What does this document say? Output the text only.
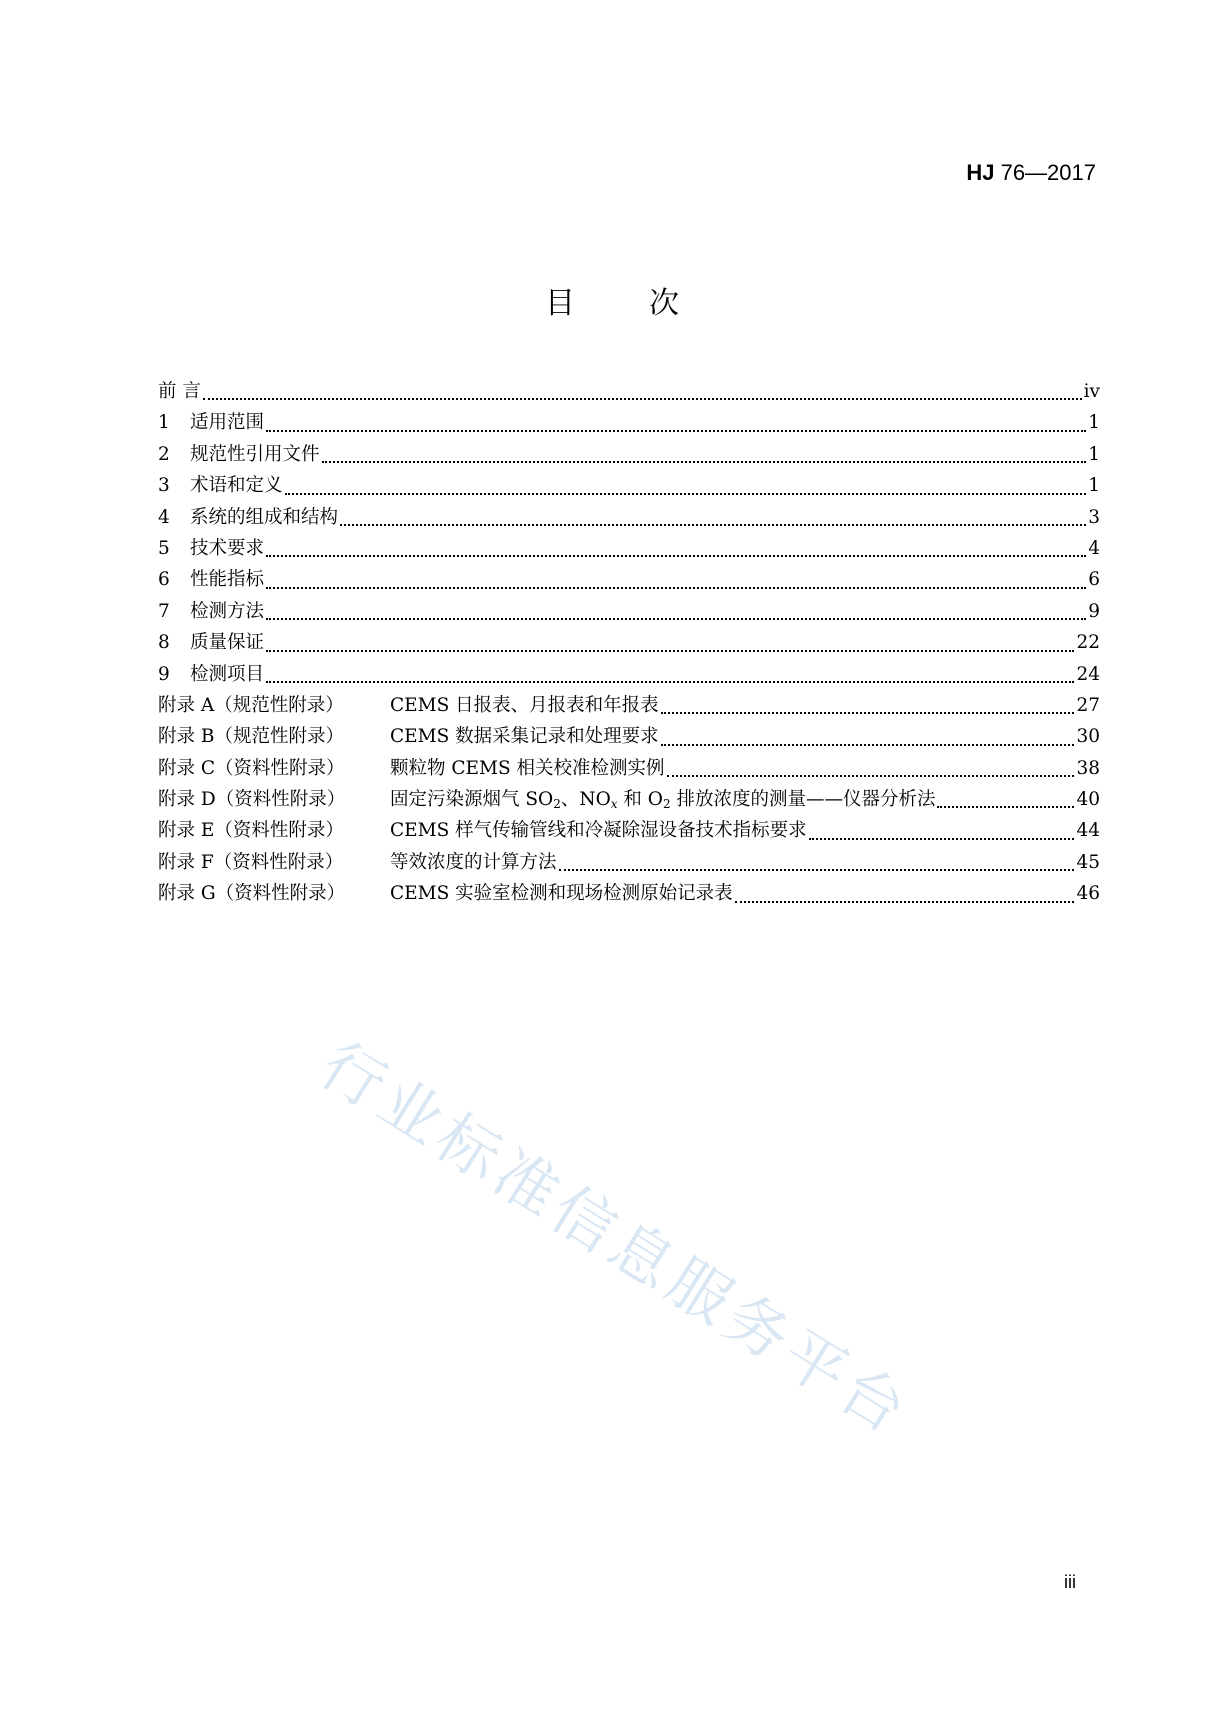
HJ 76—2017
目 次
前 言	iv
1 适用范围	1
2 规范性引用文件	1
3 术语和定义	1
4 系统的组成和结构	3
5 技术要求	4
6 性能指标	6
7 检测方法	9
8 质量保证	22
9 检测项目	24
附录 A（规范性附录）	CEMS 日报表、月报表和年报表	27
附录 B（规范性附录） CEMS 数据采集记录和处理要求	30
附录 C（资料性附录） 颗粒物 CEMS 相关校准检测实例	38
附录 D（资料性附录） 固定污染源烟气 $SO_2$、$NO_x$ 和 $O_2$ 排放浓度的测量——仪器分析法	40
附录 E（资料性附录） CEMS 样气传输管线和冷凝除湿设备技术指标要求	44
附录 F（资料性附录）	等效浓度的计算方法	45
附录 G（资料性附录） CEMS 实验室检测和现场检测原始记录表	46
行业标准信息服务平台
iii
